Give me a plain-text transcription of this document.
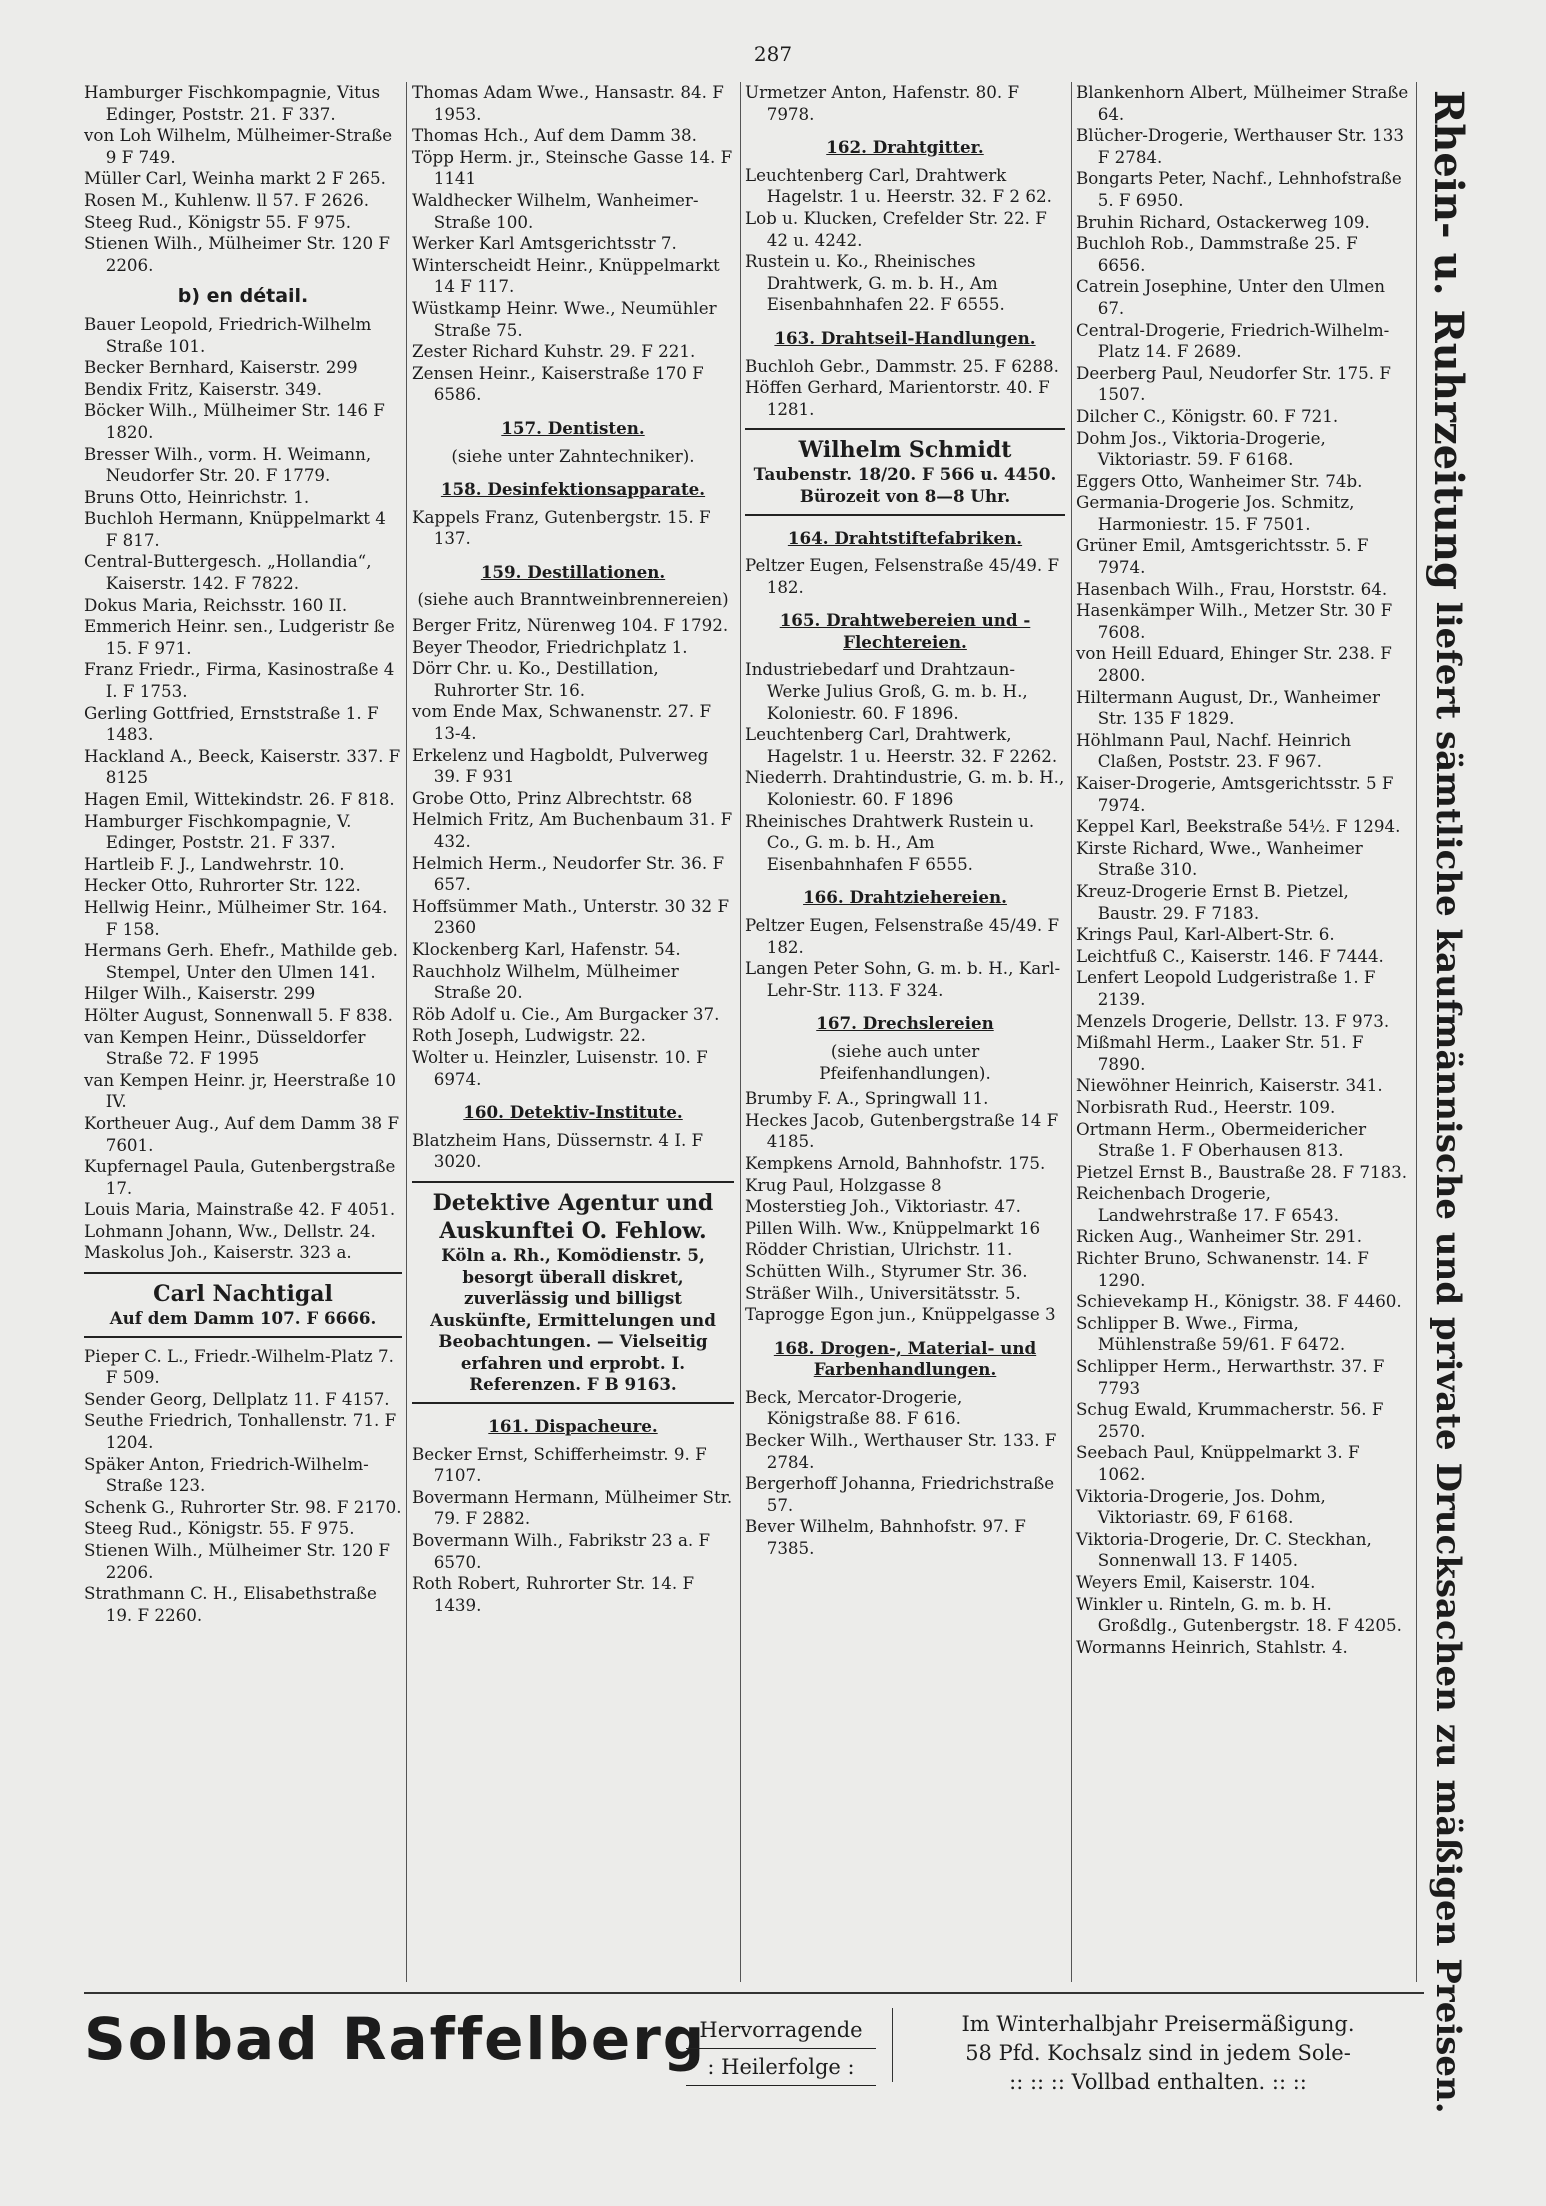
287
Hamburger Fischkompagnie, Vitus Edinger, Poststr. 21. F 337.
von Loh Wilhelm, Mülheimer-Straße 9 F 749.
Müller Carl, Weinha markt 2 F 265.
Rosen M., Kuhlenw. ll 57. F 2626.
Steeg Rud., Königstr 55. F 975.
Stienen Wilh., Mülheimer Str. 120 F 2206.
b) en détail.
Bauer Leopold, Friedrich-Wilhelm Straße 101.
Becker Bernhard, Kaiserstr. 299
Bendix Fritz, Kaiserstr. 349.
Böcker Wilh., Mülheimer Str. 146 F 1820.
Bresser Wilh., vorm. H. Weimann, Neudorfer Str. 20. F 1779.
Bruns Otto, Heinrichstr. 1.
Buchloh Hermann, Knüppelmarkt 4 F 817.
Central-Buttergesch. „Hollandia“, Kaiserstr. 142. F 7822.
Dokus Maria, Reichsstr. 160 II.
Emmerich Heinr. sen., Ludgeristr ße 15. F 971.
Franz Friedr., Firma, Kasinostraße 4 I. F 1753.
Gerling Gottfried, Ernststraße 1. F 1483.
Hackland A., Beeck, Kaiserstr. 337. F 8125
Hagen Emil, Wittekindstr. 26. F 818.
Hamburger Fischkompagnie, V. Edinger, Poststr. 21. F 337.
Hartleib F. J., Landwehrstr. 10.
Hecker Otto, Ruhrorter Str. 122.
Hellwig Heinr., Mülheimer Str. 164. F 158.
Hermans Gerh. Ehefr., Mathilde geb. Stempel, Unter den Ulmen 141.
Hilger Wilh., Kaiserstr. 299
Hölter August, Sonnenwall 5. F 838.
van Kempen Heinr., Düsseldorfer Straße 72. F 1995
van Kempen Heinr. jr, Heerstraße 10 IV.
Kortheuer Aug., Auf dem Damm 38 F 7601.
Kupfernagel Paula, Gutenbergstraße 17.
Louis Maria, Mainstraße 42. F 4051.
Lohmann Johann, Ww., Dellstr. 24.
Maskolus Joh., Kaiserstr. 323 a.
Carl Nachtigal
Auf dem Damm 107. F 6666.
Pieper C. L., Friedr.-Wilhelm-Platz 7. F 509.
Sender Georg, Dellplatz 11. F 4157.
Seuthe Friedrich, Tonhallenstr. 71. F 1204.
Späker Anton, Friedrich-Wilhelm-Straße 123.
Schenk G., Ruhrorter Str. 98. F 2170.
Steeg Rud., Königstr. 55. F 975.
Stienen Wilh., Mülheimer Str. 120 F 2206.
Strathmann C. H., Elisabethstraße 19. F 2260.
Thomas Adam Wwe., Hansastr. 84. F 1953.
Thomas Hch., Auf dem Damm 38.
Töpp Herm. jr., Steinsche Gasse 14. F 1141
Waldhecker Wilhelm, Wanheimer-Straße 100.
Werker Karl Amtsgerichtsstr 7.
Winterscheidt Heinr., Knüppelmarkt 14 F 117.
Wüstkamp Heinr. Wwe., Neumühler Straße 75.
Zester Richard Kuhstr. 29. F 221.
Zensen Heinr., Kaiserstraße 170 F 6586.
157. Dentisten.
(siehe unter Zahntechniker).
158. Desinfektionsapparate.
Kappels Franz, Gutenbergstr. 15. F 137.
159. Destillationen.
(siehe auch Branntweinbrennereien)
Berger Fritz, Nürenweg 104. F 1792.
Beyer Theodor, Friedrichplatz 1.
Dörr Chr. u. Ko., Destillation, Ruhrorter Str. 16.
vom Ende Max, Schwanenstr. 27. F 13-4.
Erkelenz und Hagboldt, Pulverweg 39. F 931
Grobe Otto, Prinz Albrechtstr. 68
Helmich Fritz, Am Buchenbaum 31. F 432.
Helmich Herm., Neudorfer Str. 36. F 657.
Hoffsümmer Math., Unterstr. 30 32 F 2360
Klockenberg Karl, Hafenstr. 54.
Rauchholz Wilhelm, Mülheimer Straße 20.
Röb Adolf u. Cie., Am Burgacker 37.
Roth Joseph, Ludwigstr. 22.
Wolter u. Heinzler, Luisenstr. 10. F 6974.
160. Detektiv-Institute.
Blatzheim Hans, Düssernstr. 4 I. F 3020.
Detektive Agentur und Auskunftei O. Fehlow.
Köln a. Rh., Komödienstr. 5, besorgt überall diskret, zuverlässig und billigst Auskünfte, Ermittelungen und Beobachtungen. — Vielseitig erfahren und erprobt. I. Referenzen. F B 9163.
161. Dispacheure.
Becker Ernst, Schifferheimstr. 9. F 7107.
Bovermann Hermann, Mülheimer Str. 79. F 2882.
Bovermann Wilh., Fabrikstr 23 a. F 6570.
Roth Robert, Ruhrorter Str. 14. F 1439.
Urmetzer Anton, Hafenstr. 80. F 7978.
162. Drahtgitter.
Leuchtenberg Carl, Drahtwerk Hagelstr. 1 u. Heerstr. 32. F 2 62.
Lob u. Klucken, Crefelder Str. 22. F 42 u. 4242.
Rustein u. Ko., Rheinisches Drahtwerk, G. m. b. H., Am Eisenbahnhafen 22. F 6555.
163. Drahtseil-Handlungen.
Buchloh Gebr., Dammstr. 25. F 6288.
Höffen Gerhard, Marientorstr. 40. F 1281.
Wilhelm Schmidt
Taubenstr. 18/20. F 566 u. 4450. Bürozeit von 8—8 Uhr.
164. Drahtstiftefabriken.
Peltzer Eugen, Felsenstraße 45/49. F 182.
165. Drahtwebereien und -Flechtereien.
Industriebedarf und Drahtzaun-Werke Julius Groß, G. m. b. H., Koloniestr. 60. F 1896.
Leuchtenberg Carl, Drahtwerk, Hagelstr. 1 u. Heerstr. 32. F 2262.
Niederrh. Drahtindustrie, G. m. b. H., Koloniestr. 60. F 1896
Rheinisches Drahtwerk Rustein u. Co., G. m. b. H., Am Eisenbahnhafen F 6555.
166. Drahtziehereien.
Peltzer Eugen, Felsenstraße 45/49. F 182.
Langen Peter Sohn, G. m. b. H., Karl-Lehr-Str. 113. F 324.
167. Drechslereien
(siehe auch unter Pfeifenhandlungen).
Brumby F. A., Springwall 11.
Heckes Jacob, Gutenbergstraße 14 F 4185.
Kempkens Arnold, Bahnhofstr. 175.
Krug Paul, Holzgasse 8
Mosterstieg Joh., Viktoriastr. 47.
Pillen Wilh. Ww., Knüppelmarkt 16
Rödder Christian, Ulrichstr. 11.
Schütten Wilh., Styrumer Str. 36.
Sträßer Wilh., Universitätsstr. 5.
Taprogge Egon jun., Knüppelgasse 3
168. Drogen-, Material- und Farbenhandlungen.
Beck, Mercator-Drogerie, Königstraße 88. F 616.
Becker Wilh., Werthauser Str. 133. F 2784.
Bergerhoff Johanna, Friedrichstraße 57.
Bever Wilhelm, Bahnhofstr. 97. F 7385.
Blankenhorn Albert, Mülheimer Straße 64.
Blücher-Drogerie, Werthauser Str. 133 F 2784.
Bongarts Peter, Nachf., Lehnhofstraße 5. F 6950.
Bruhin Richard, Ostackerweg 109.
Buchloh Rob., Dammstraße 25. F 6656.
Catrein Josephine, Unter den Ulmen 67.
Central-Drogerie, Friedrich-Wilhelm-Platz 14. F 2689.
Deerberg Paul, Neudorfer Str. 175. F 1507.
Dilcher C., Königstr. 60. F 721.
Dohm Jos., Viktoria-Drogerie, Viktoriastr. 59. F 6168.
Eggers Otto, Wanheimer Str. 74b.
Germania-Drogerie Jos. Schmitz, Harmoniestr. 15. F 7501.
Grüner Emil, Amtsgerichtsstr. 5. F 7974.
Hasenbach Wilh., Frau, Horststr. 64.
Hasenkämper Wilh., Metzer Str. 30 F 7608.
von Heill Eduard, Ehinger Str. 238. F 2800.
Hiltermann August, Dr., Wanheimer Str. 135 F 1829.
Höhlmann Paul, Nachf. Heinrich Claßen, Poststr. 23. F 967.
Kaiser-Drogerie, Amtsgerichtsstr. 5 F 7974.
Keppel Karl, Beekstraße 54½. F 1294.
Kirste Richard, Wwe., Wanheimer Straße 310.
Kreuz-Drogerie Ernst B. Pietzel, Baustr. 29. F 7183.
Krings Paul, Karl-Albert-Str. 6.
Leichtfuß C., Kaiserstr. 146. F 7444.
Lenfert Leopold Ludgeristraße 1. F 2139.
Menzels Drogerie, Dellstr. 13. F 973.
Mißmahl Herm., Laaker Str. 51. F 7890.
Niewöhner Heinrich, Kaiserstr. 341.
Norbisrath Rud., Heerstr. 109.
Ortmann Herm., Obermeidericher Straße 1. F Oberhausen 813.
Pietzel Ernst B., Baustraße 28. F 7183.
Reichenbach Drogerie, Landwehrstraße 17. F 6543.
Ricken Aug., Wanheimer Str. 291.
Richter Bruno, Schwanenstr. 14. F 1290.
Schievekamp H., Königstr. 38. F 4460.
Schlipper B. Wwe., Firma, Mühlenstraße 59/61. F 6472.
Schlipper Herm., Herwarthstr. 37. F 7793
Schug Ewald, Krummacherstr. 56. F 2570.
Seebach Paul, Knüppelmarkt 3. F 1062.
Viktoria-Drogerie, Jos. Dohm, Viktoriastr. 69, F 6168.
Viktoria-Drogerie, Dr. C. Steckhan, Sonnenwall 13. F 1405.
Weyers Emil, Kaiserstr. 104.
Winkler u. Rinteln, G. m. b. H. Großdlg., Gutenbergstr. 18. F 4205.
Wormanns Heinrich, Stahlstr. 4.
Rhein- u. Ruhrzeitung liefert sämtliche kaufmännische und private Drucksachen zu mäßigen Preisen.
Solbad Raffelberg
Hervorragende
: Heilerfolge :
Im Winterhalbjahr Preisermäßigung.
58 Pfd. Kochsalz sind in jedem Sole-
:: :: :: Vollbad enthalten. :: ::
